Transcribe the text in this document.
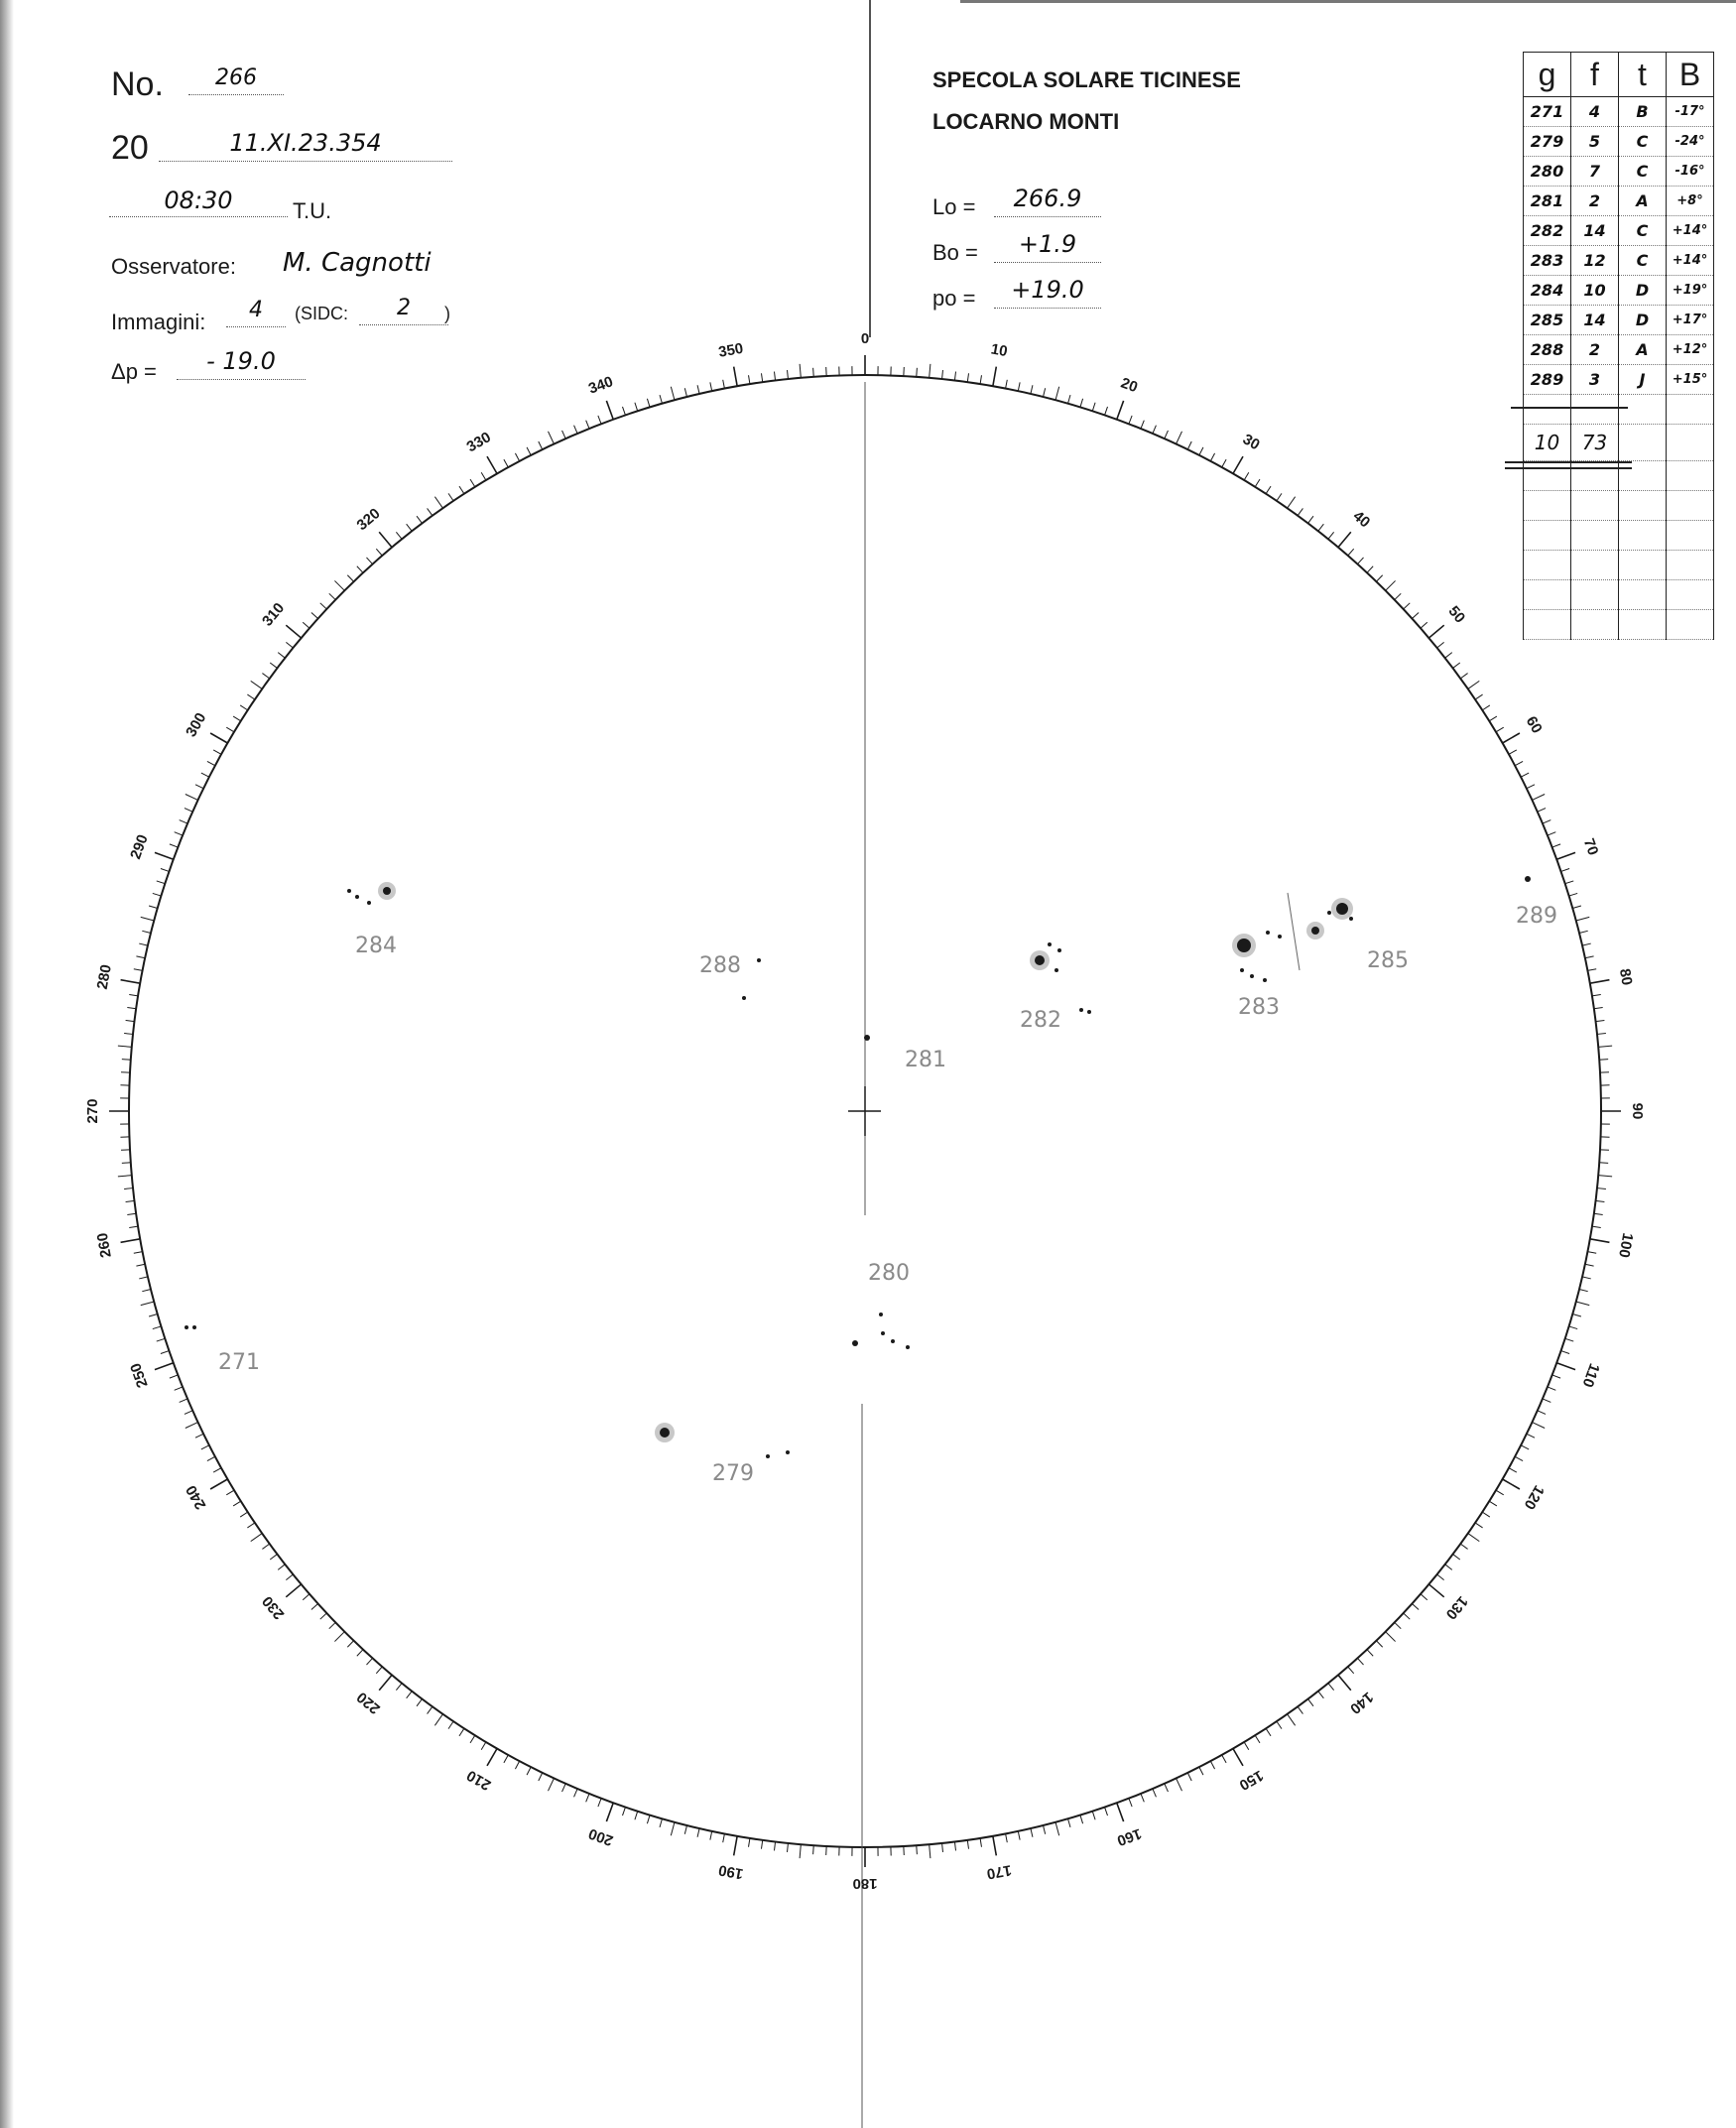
No.	266
20	11.XI.23.354
08:30	T.U.
Osservatore: M. Cagnotti
Immagini:	4	(SIDC:	2	)
Δp =	- 19.0
SPECOLA SOLARE TICINESE
LOCARNO MONTI
Lo =	266.9
Bo =	+1.9
po =	+19.0
g	f	t	B
271	4	B	-17°
279	5	C	-24°
280	7	C	-16°
281	2	A	+8°
282	14	C	+14°
283	12	C	+14°
284	10	D	+19°
285	14	D	+17°
288	2	A	+12°
289	3	J	+15°

10	73		

0
10
20
30
40
50
60
70
80
90
100
110
120
130
140
150
160
170
180
190
200
210
220
230
240
250
260
270
280
290
300
310
320
330
340
350
284
288
282
281
283
285
289
280
271
279
